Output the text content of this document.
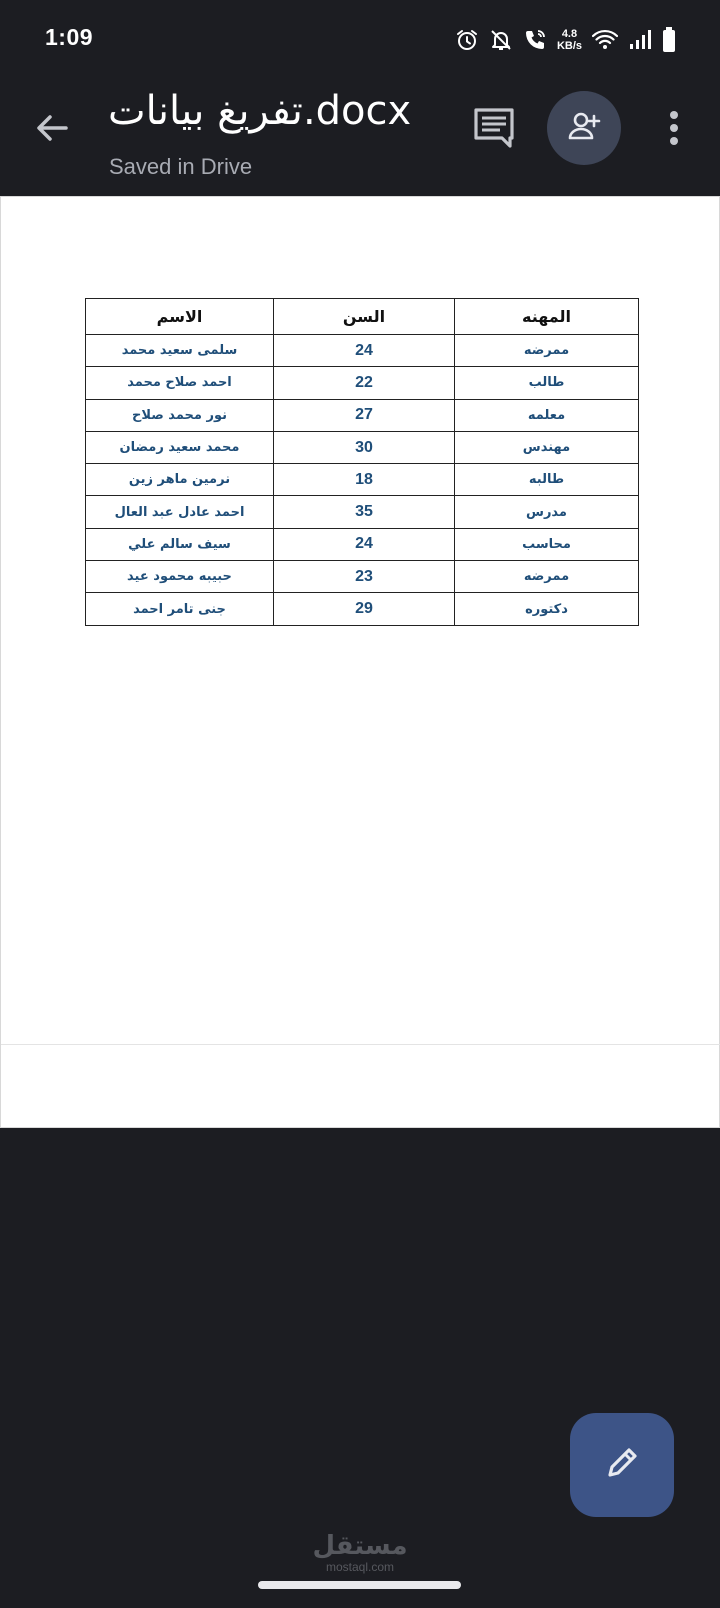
1:09	4.8
KB/s
تفريغ بيانات.docx
Saved in Drive
المهنه	السن	الاسم
ممرضه	24	سلمى سعيد محمد
طالب	22	احمد صلاح محمد
معلمه	27	نور محمد صلاح
مهندس	30	محمد سعيد رمضان
طالبه	18	نرمين ماهر زين
مدرس	35	احمد عادل عبد العال
محاسب	24	سيف سالم علي
ممرضه	23	حبيبه محمود عيد
دكتوره	29	جنى تامر احمد
مستقل
mostaql.com
